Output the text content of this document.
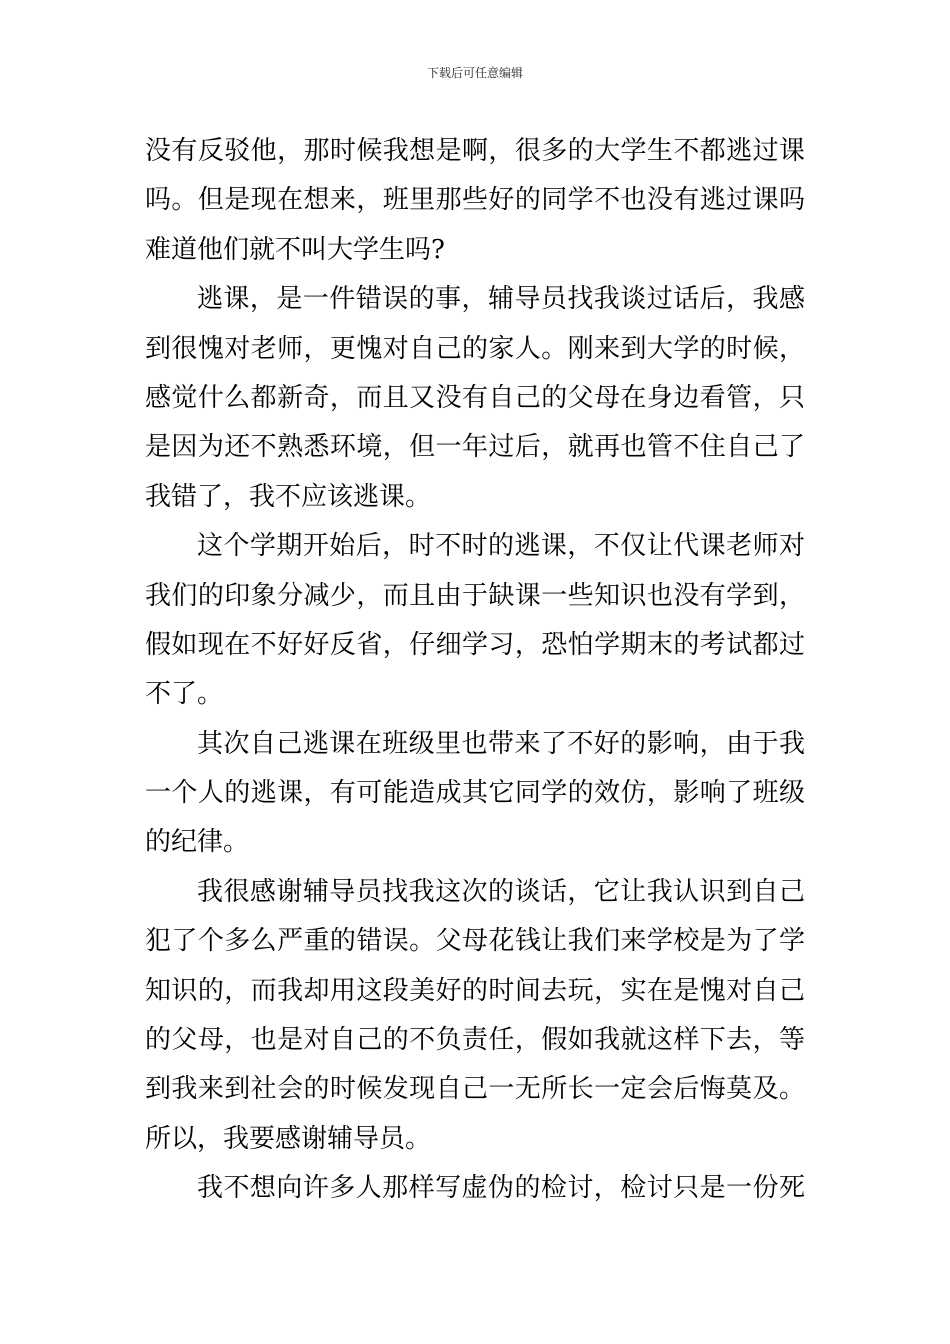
下载后可任意编辑
没有反驳他，那时候我想是啊，很多的大学生不都逃过课
吗。但是现在想来，班里那些好的同学不也没有逃过课吗
难道他们就不叫大学生吗?
逃课，是一件错误的事，辅导员找我谈过话后，我感
到很愧对老师，更愧对自己的家人。刚来到大学的时候，
感觉什么都新奇，而且又没有自己的父母在身边看管，只
是因为还不熟悉环境，但一年过后，就再也管不住自己了
我错了，我不应该逃课。
这个学期开始后，时不时的逃课，不仅让代课老师对
我们的印象分减少，而且由于缺课一些知识也没有学到，
假如现在不好好反省，仔细学习，恐怕学期末的考试都过
不了。
其次自己逃课在班级里也带来了不好的影响，由于我
一个人的逃课，有可能造成其它同学的效仿，影响了班级
的纪律。
我很感谢辅导员找我这次的谈话，它让我认识到自己
犯了个多么严重的错误。父母花钱让我们来学校是为了学
知识的，而我却用这段美好的时间去玩，实在是愧对自己
的父母，也是对自己的不负责任，假如我就这样下去，等
到我来到社会的时候发现自己一无所长一定会后悔莫及。
所以，我要感谢辅导员。
我不想向许多人那样写虚伪的检讨，检讨只是一份死
